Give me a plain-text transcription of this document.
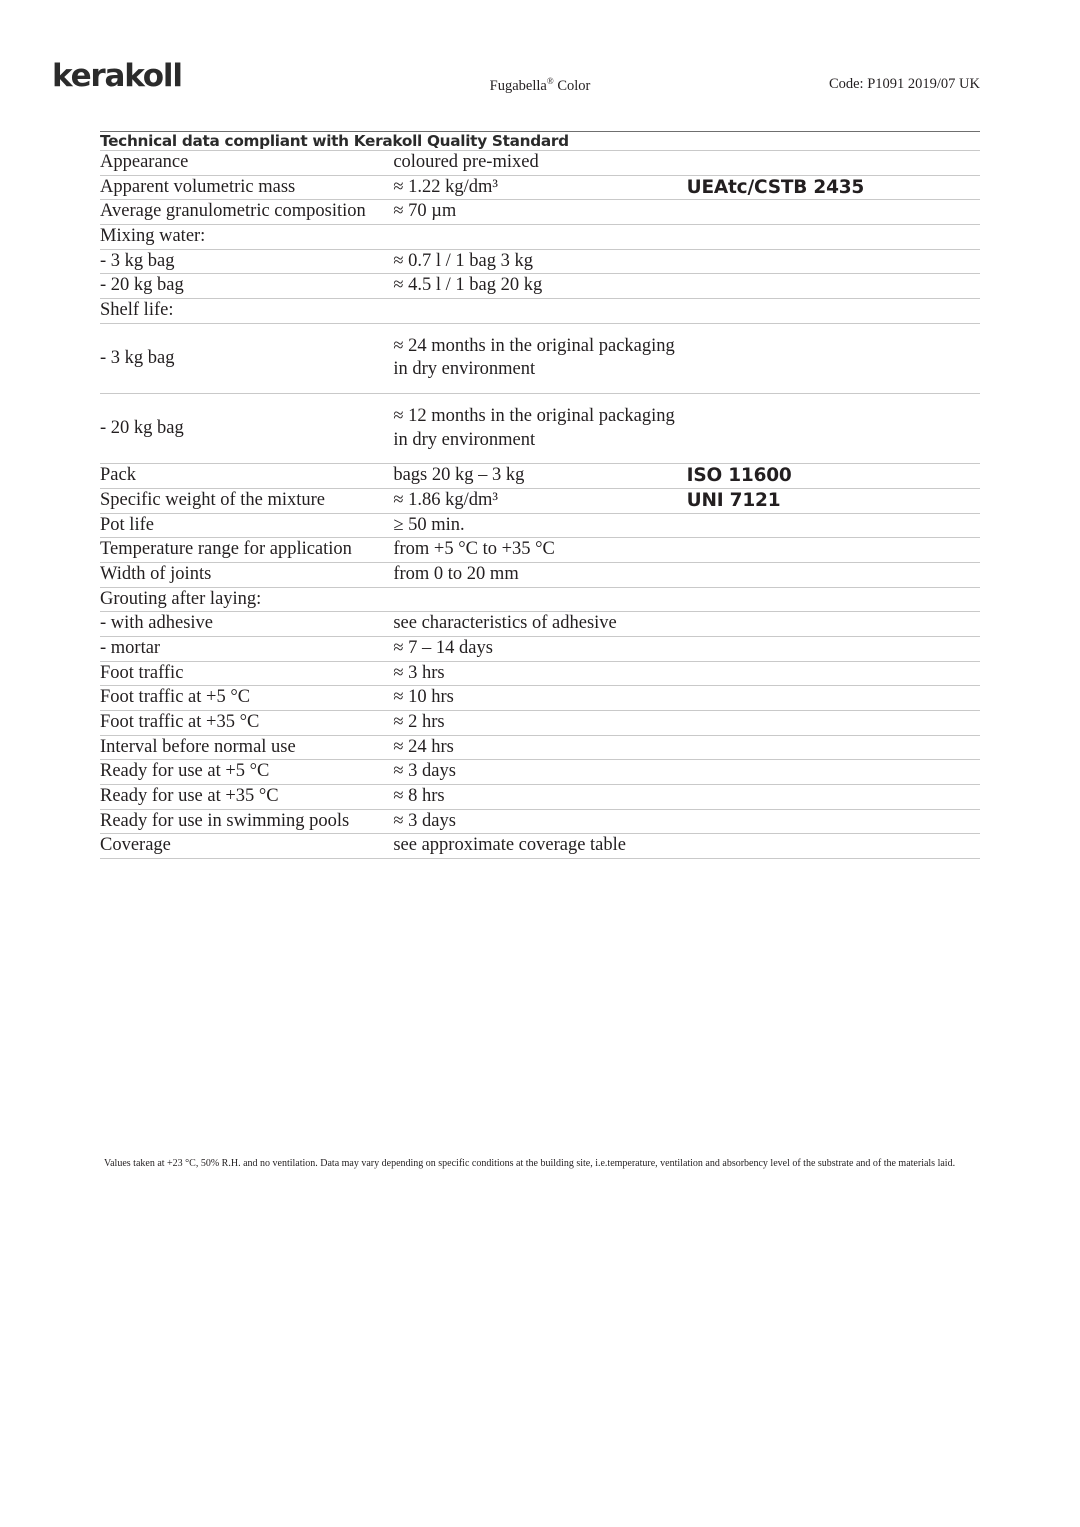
kerakoll	Fugabella® Color	Code: P1091 2019/07 UK
Technical data compliant with Kerakoll Quality Standard		
Appearance	coloured pre-mixed	
Apparent volumetric mass	≈ 1.22 kg/dm³	UEAtc/CSTB 2435
Average granulometric composition	≈ 70 µm	
Mixing water:		
- 3 kg bag	≈ 0.7 l / 1 bag 3 kg	
- 20 kg bag	≈ 4.5 l / 1 bag 20 kg	
Shelf life:		
- 3 kg bag	≈ 24 months in the original packaging in dry environment	
- 20 kg bag	≈ 12 months in the original packaging in dry environment	
Pack	bags 20 kg – 3 kg	ISO 11600
Specific weight of the mixture	≈ 1.86 kg/dm³	UNI 7121
Pot life	≥ 50 min.	
Temperature range for application	from +5 °C to +35 °C	
Width of joints	from 0 to 20 mm	
Grouting after laying:		
- with adhesive	see characteristics of adhesive	
- mortar	≈ 7 – 14 days	
Foot traffic	≈ 3 hrs	
Foot traffic at +5 °C	≈ 10 hrs	
Foot traffic at +35 °C	≈ 2 hrs	
Interval before normal use	≈ 24 hrs	
Ready for use at +5 °C	≈ 3 days	
Ready for use at +35 °C	≈ 8 hrs	
Ready for use in swimming pools	≈ 3 days	
Coverage	see approximate coverage table	
Values taken at +23 °C, 50% R.H. and no ventilation. Data may vary depending on specific conditions at the building site, i.e.temperature, ventilation and absorbency level of the substrate and of the materials laid.
